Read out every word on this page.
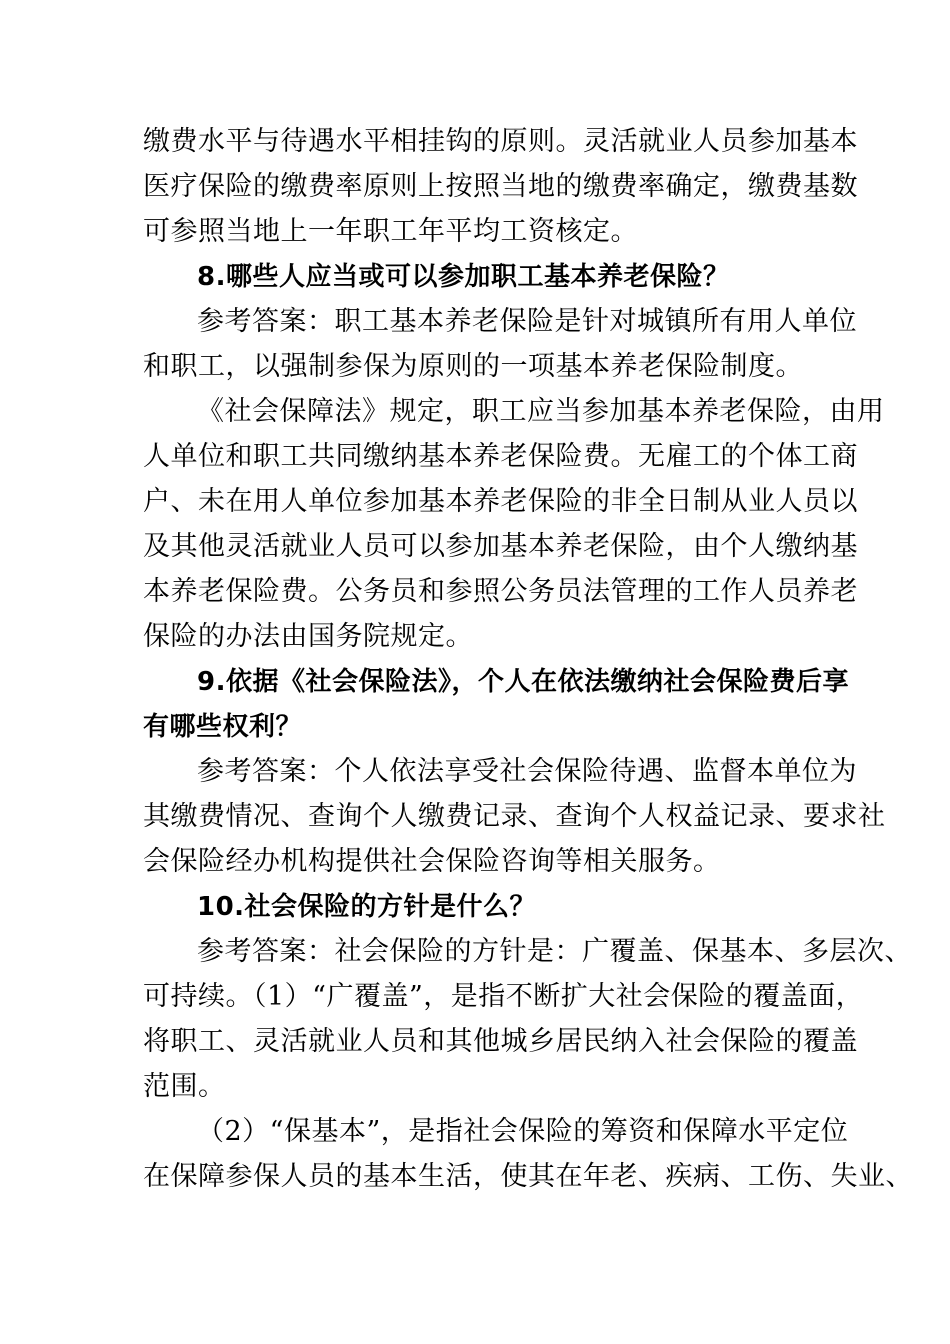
缴费水平与待遇水平相挂钩的原则。灵活就业人员参加基本
医疗保险的缴费率原则上按照当地的缴费率确定，缴费基数
可参照当地上一年职工年平均工资核定。
8.哪些人应当或可以参加职工基本养老保险？
参考答案：职工基本养老保险是针对城镇所有用人单位
和职工，以强制参保为原则的一项基本养老保险制度。
《社会保障法》规定，职工应当参加基本养老保险，由用
人单位和职工共同缴纳基本养老保险费。无雇工的个体工商
户、未在用人单位参加基本养老保险的非全日制从业人员以
及其他灵活就业人员可以参加基本养老保险，由个人缴纳基
本养老保险费。公务员和参照公务员法管理的工作人员养老
保险的办法由国务院规定。
9.依据《社会保险法》，个人在依法缴纳社会保险费后享
有哪些权利？
参考答案：个人依法享受社会保险待遇、监督本单位为
其缴费情况、查询个人缴费记录、查询个人权益记录、要求社
会保险经办机构提供社会保险咨询等相关服务。
10.社会保险的方针是什么？
参考答案：社会保险的方针是：广覆盖、保基本、多层次、
可持续。（1）“广覆盖”，是指不断扩大社会保险的覆盖面，
将职工、灵活就业人员和其他城乡居民纳入社会保险的覆盖
范围。
（2）“保基本”，是指社会保险的筹资和保障水平定位
在保障参保人员的基本生活，使其在年老、疾病、工伤、失业、
